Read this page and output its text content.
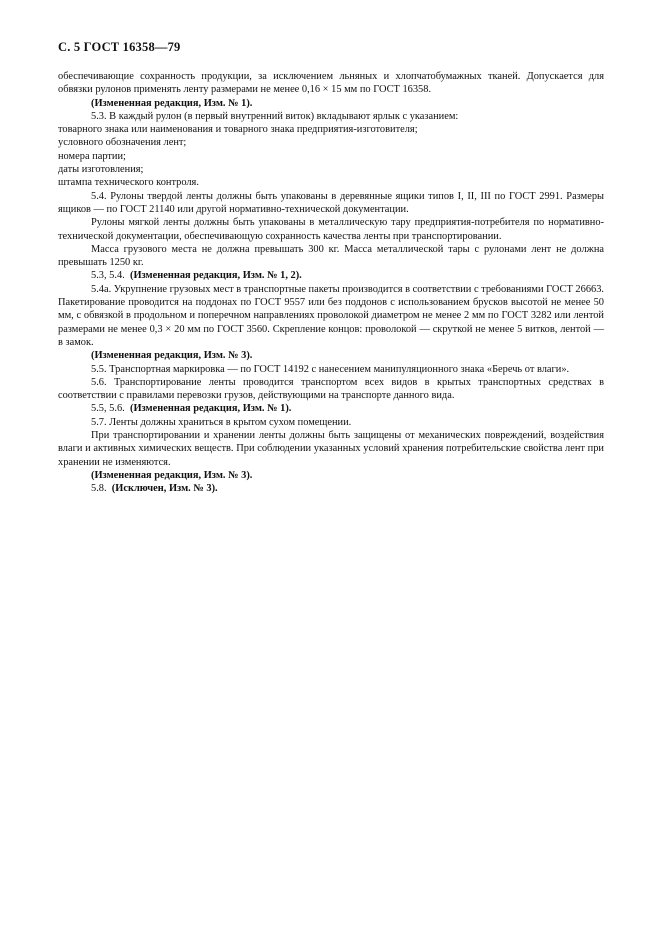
С. 5 ГОСТ 16358—79

обеспечивающие сохранность продукции, за исключением льняных и хлопчатобумажных тканей. Допускается для обвязки рулонов применять ленту размерами не менее 0,16 × 15 мм по ГОСТ 16358.

(Измененная редакция, Изм. № 1).

5.3. В каждый рулон (в первый внутренний виток) вкладывают ярлык с указанием:

товарного знака или наименования и товарного знака предприятия-изготовителя;

условного обозначения лент;

номера партии;

даты изготовления;

штампа технического контроля.

5.4. Рулоны твердой ленты должны быть упакованы в деревянные ящики типов I, II, III по ГОСТ 2991. Размеры ящиков — по ГОСТ 21140 или другой нормативно-технической документации.

Рулоны мягкой ленты должны быть упакованы в металлическую тару предприятия-потребителя по нормативно-технической документации, обеспечивающую сохранность качества ленты при транспортировании.

Масса грузового места не должна превышать 300 кг. Масса металлической тары с рулонами лент не должна превышать 1250 кг.

5.3, 5.4. (Измененная редакция, Изм. № 1, 2).

5.4а. Укрупнение грузовых мест в транспортные пакеты производится в соответствии с требованиями ГОСТ 26663. Пакетирование проводится на поддонах по ГОСТ 9557 или без поддонов с использованием брусков высотой не менее 50 мм, с обвязкой в продольном и поперечном направлениях проволокой диаметром не менее 2 мм по ГОСТ 3282 или лентой размерами не менее 0,3 × 20 мм по ГОСТ 3560. Скрепление концов: проволокой — скруткой не менее 5 витков, лентой — в замок.

(Измененная редакция, Изм. № 3).

5.5. Транспортная маркировка — по ГОСТ 14192 с нанесением манипуляционного знака «Беречь от влаги».

5.6. Транспортирование ленты проводится транспортом всех видов в крытых транспортных средствах в соответствии с правилами перевозки грузов, действующими на транспорте данного вида.

5.5, 5.6. (Измененная редакция, Изм. № 1).

5.7. Ленты должны храниться в крытом сухом помещении.

При транспортировании и хранении ленты должны быть защищены от механических повреждений, воздействия влаги и активных химических веществ. При соблюдении указанных условий хранения потребительские свойства лент при хранении не изменяются.

(Измененная редакция, Изм. № 3).

5.8. (Исключен, Изм. № 3).
